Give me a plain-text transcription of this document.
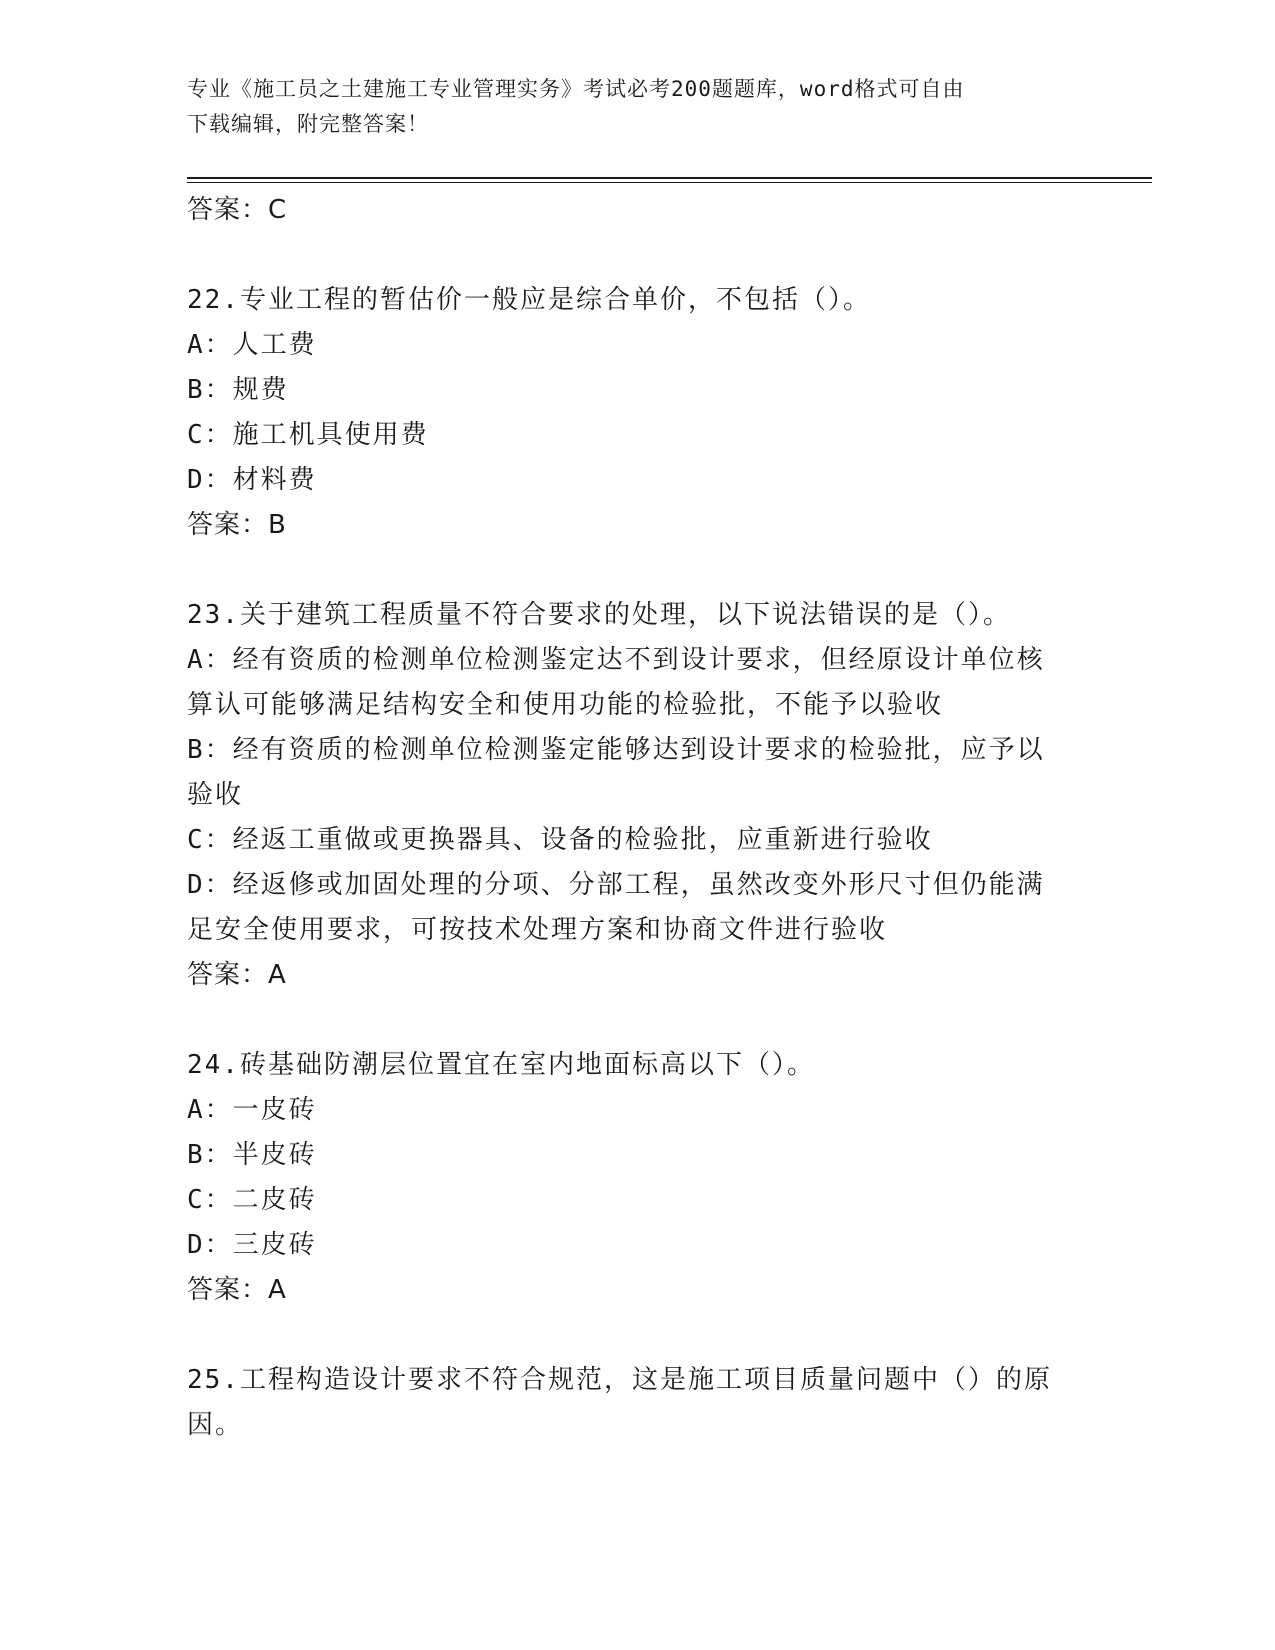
专业《施工员之土建施工专业管理实务》考试必考200题题库，word格式可自由
下载编辑，附完整答案！
答案：C
22.专业工程的暂估价一般应是综合单价，不包括（）。
A：人工费
B：规费
C：施工机具使用费
D：材料费
答案：B
23.关于建筑工程质量不符合要求的处理，以下说法错误的是（）。
A：经有资质的检测单位检测鉴定达不到设计要求，但经原设计单位核
算认可能够满足结构安全和使用功能的检验批，不能予以验收
B：经有资质的检测单位检测鉴定能够达到设计要求的检验批，应予以
验收
C：经返工重做或更换器具、设备的检验批，应重新进行验收
D：经返修或加固处理的分项、分部工程，虽然改变外形尺寸但仍能满
足安全使用要求，可按技术处理方案和协商文件进行验收
答案：A
24.砖基础防潮层位置宜在室内地面标高以下（）。
A：一皮砖
B：半皮砖
C：二皮砖
D：三皮砖
答案：A
25.工程构造设计要求不符合规范，这是施工项目质量问题中（）的原
因。
